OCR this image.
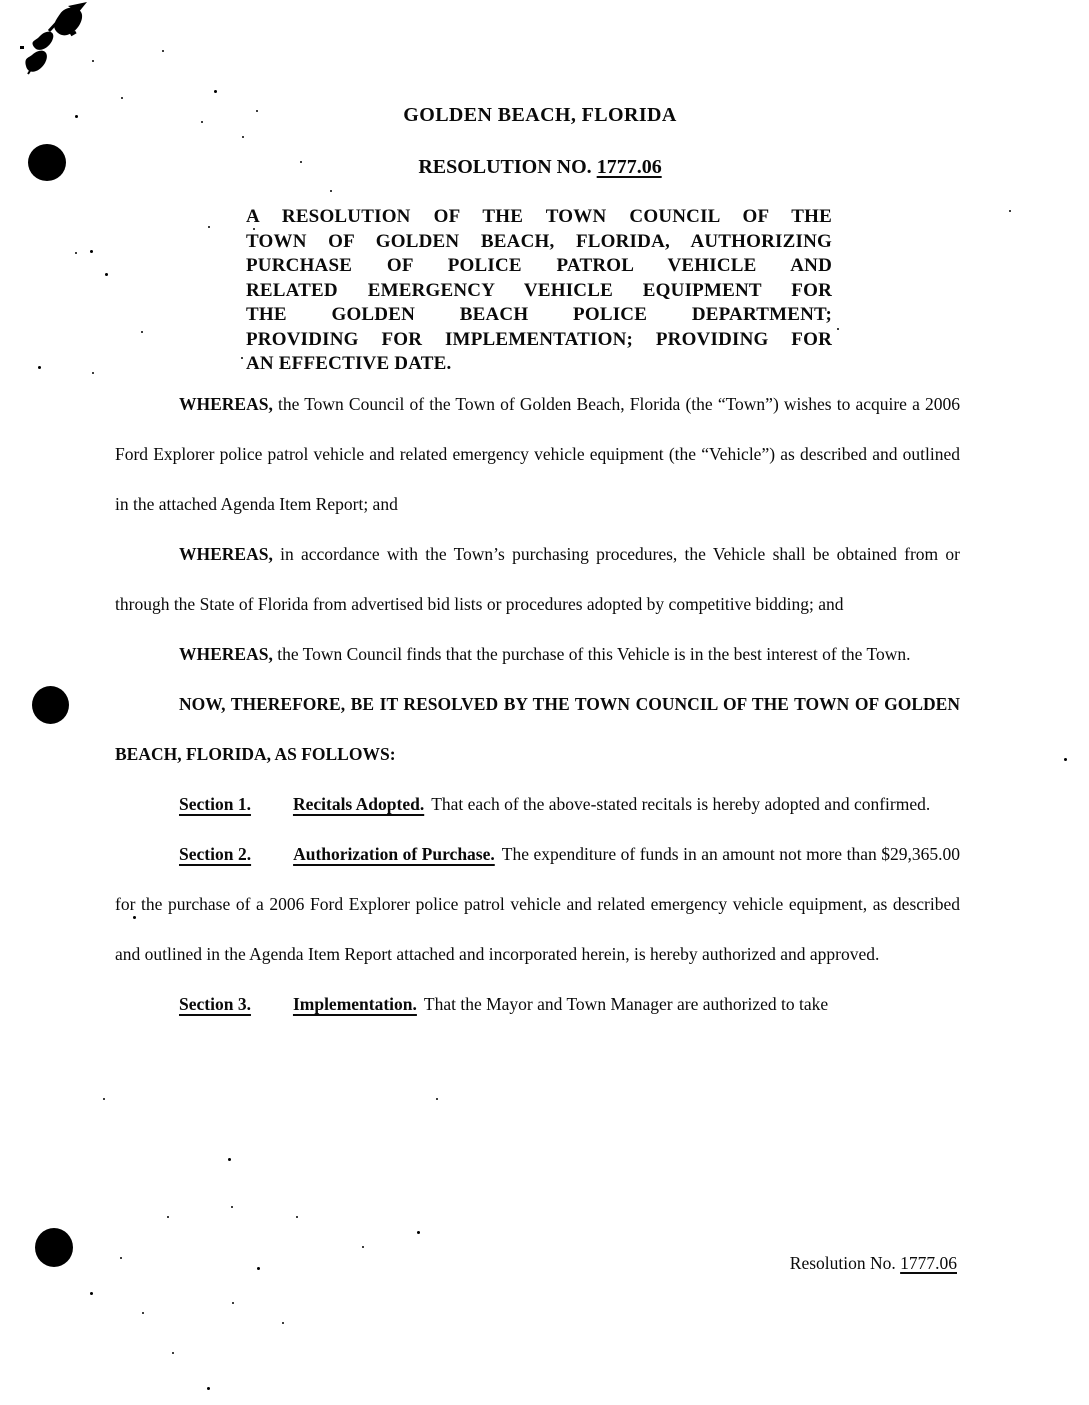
GOLDEN BEACH, FLORIDA
RESOLUTION NO. 1777.06
A RESOLUTION OF THE TOWN COUNCIL OF THE
TOWN OF GOLDEN BEACH, FLORIDA, AUTHORIZING
PURCHASE OF POLICE PATROL VEHICLE AND
RELATED EMERGENCY VEHICLE EQUIPMENT FOR
THE GOLDEN BEACH POLICE DEPARTMENT;
PROVIDING FOR IMPLEMENTATION; PROVIDING FOR
AN EFFECTIVE DATE.

WHEREAS, the Town Council of the Town of Golden Beach, Florida (the “Town”) wishes to acquire a 2006 Ford Explorer police patrol vehicle and related emergency vehicle equipment (the “Vehicle”) as described and outlined in the attached Agenda Item Report; and

WHEREAS, in accordance with the Town’s purchasing procedures, the Vehicle shall be obtained from or through the State of Florida from advertised bid lists or procedures adopted by competitive bidding; and

WHEREAS, the Town Council finds that the purchase of this Vehicle is in the best interest of the Town.

NOW, THEREFORE, BE IT RESOLVED BY THE TOWN COUNCIL OF THE TOWN OF GOLDEN BEACH, FLORIDA, AS FOLLOWS:

Section 1. Recitals Adopted. That each of the above-stated recitals is hereby adopted and confirmed.

Section 2. Authorization of Purchase. The expenditure of funds in an amount not more than $29,365.00 for the purchase of a 2006 Ford Explorer police patrol vehicle and related emergency vehicle equipment, as described and outlined in the Agenda Item Report attached and incorporated herein, is hereby authorized and approved.

Section 3. Implementation. That the Mayor and Town Manager are authorized to take

Resolution No. 1777.06
